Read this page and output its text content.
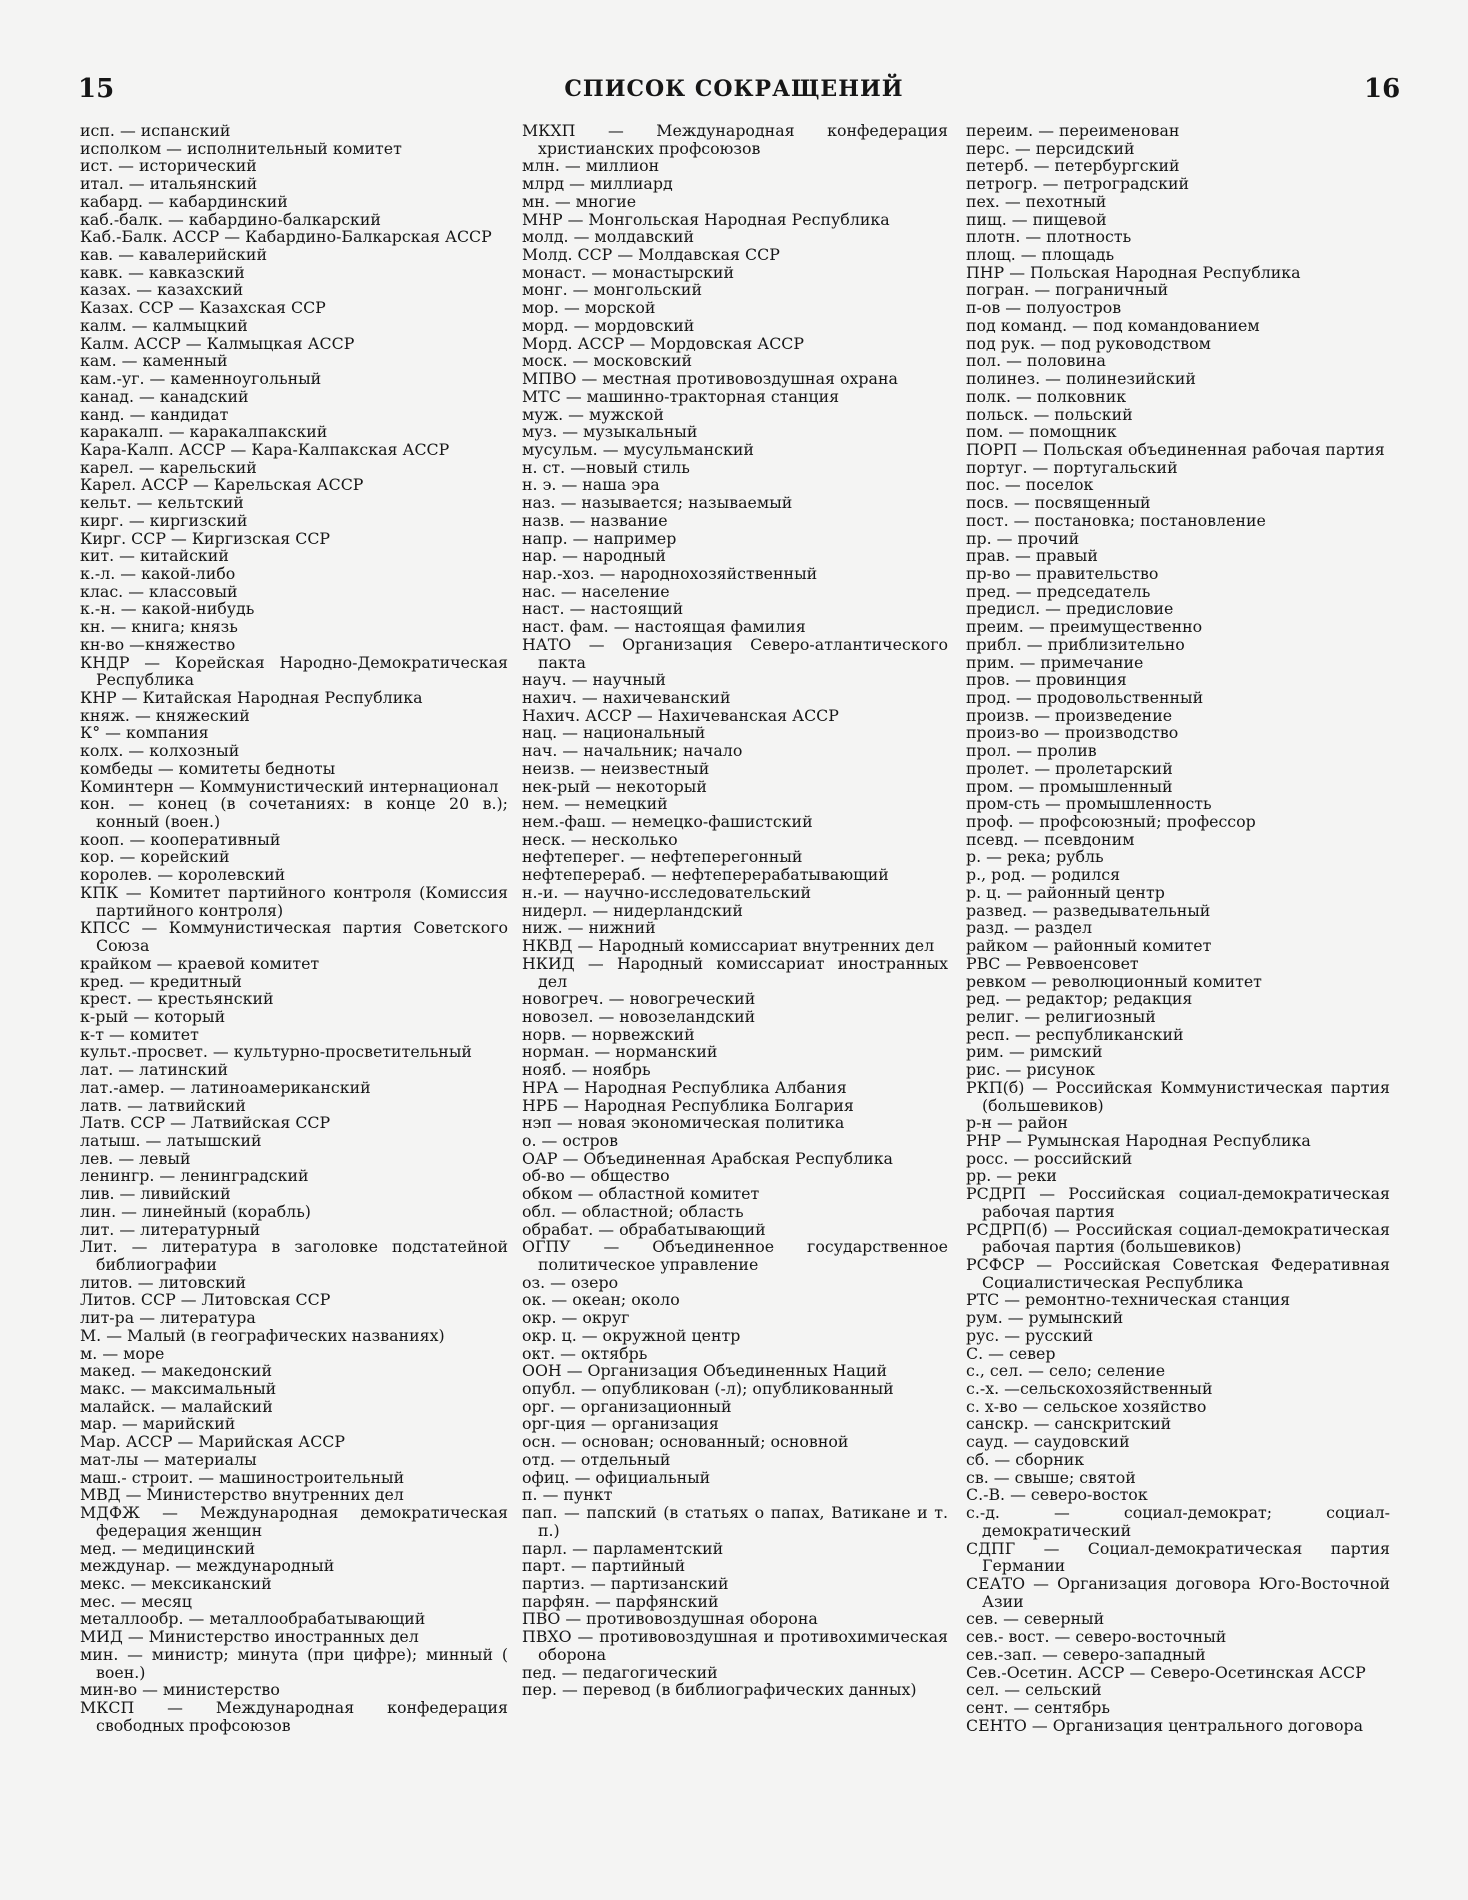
15	СПИСОК СОКРАЩЕНИЙ	16
исп. — испанский
исполком — исполнительный комитет
ист. — исторический
итал. — итальянский
кабард. — кабардинский
каб.-балк. — кабардино-балкарский
Каб.-Балк. АССР — Кабардино-Балкарская АССР
кав. — кавалерийский
кавк. — кавказский
казах. — казахский
Казах. ССР — Казахская ССР
калм. — калмыцкий
Калм. АССР — Калмыцкая АССР
кам. — каменный
кам.-уг. — каменноугольный
канад. — канадский
канд. — кандидат
каракалп. — каракалпакский
Кара-Калп. АССР — Кара-Калпакская АССР
карел. — карельский
Карел. АССР — Карельская АССР
кельт. — кельтский
кирг. — киргизский
Кирг. ССР — Киргизская ССР
кит. — китайский
к.-л. — какой-либо
клас. — классовый
к.-н. — какой-нибудь
кн. — книга; князь
кн-во —княжество
КНДР — Корейская Народно-Демократическая Республика
КНР — Китайская Народная Республика
княж. — княжеский
К° — компания
колх. — колхозный
комбеды — комитеты бедноты
Коминтерн — Коммунистический интернационал
кон. — конец (в сочетаниях: в конце 20 в.); конный (воен.)
кооп. — кооперативный
кор. — корейский
королев. — королевский
КПК — Комитет партийного контроля (Комиссия партийного контроля)
КПСС — Коммунистическая партия Советского Союза
крайком — краевой комитет
кред. — кредитный
крест. — крестьянский
к-рый — который
к-т — комитет
культ.-просвет. — культурно-просветительный
лат. — латинский
лат.-амер. — латиноамериканский
латв. — латвийский
Латв. ССР — Латвийская ССР
латыш. — латышский
лев. — левый
ленингр. — ленинградский
лив. — ливийский
лин. — линейный (корабль)
лит. — литературный
Лит. — литература в заголовке подстатейной библиографии
литов. — литовский
Литов. ССР — Литовская ССР
лит-ра — литература
М. — Малый (в географических названиях)
м. — море
макед. — македонский
макс. — максимальный
малайск. — малайский
мар. — марийский
Мар. АССР — Марийская АССР
мат-лы — материалы
маш.- строит. — машиностроительный
МВД — Министерство внутренних дел
МДФЖ — Международная демократическая федерация женщин
мед. — медицинский
междунар. — международный
мекс. — мексиканский
мес. — месяц
металлообр. — металлообрабатывающий
МИД — Министерство иностранных дел
мин. — министр; минута (при цифре); минный ( воен.)
мин-во — министерство
МКСП — Международная конфедерация свободных профсоюзов
МКХП — Международная конфедерация христианских профсоюзов
млн. — миллион
млрд — миллиард
мн. — многие
МНР — Монгольская Народная Республика
молд. — молдавский
Молд. ССР — Молдавская ССР
монаст. — монастырский
монг. — монгольский
мор. — морской
морд. — мордовский
Морд. АССР — Мордовская АССР
моск. — московский
МПВО — местная противовоздушная охрана
МТС — машинно-тракторная станция
муж. — мужской
муз. — музыкальный
мусульм. — мусульманский
н. ст. —новый стиль
н. э. — наша эра
наз. — называется; называемый
назв. — название
напр. — например
нар. — народный
нар.-хоз. — народнохозяйственный
нас. — население
наст. — настоящий
наст. фам. — настоящая фамилия
НАТО — Организация Северо-атлантического пакта
науч. — научный
нахич. — нахичеванский
Нахич. АССР — Нахичеванская АССР
нац. — национальный
нач. — начальник; начало
неизв. — неизвестный
нек-рый — некоторый
нем. — немецкий
нем.-фаш. — немецко-фашистский
неск. — несколько
нефтеперег. — нефтеперегонный
нефтеперераб. — нефтеперерабатывающий
н.-и. — научно-исследовательский
нидерл. — нидерландский
ниж. — нижний
НКВД — Народный комиссариат внутренних дел
НКИД — Народный комиссариат иностранных дел
новогреч. — новогреческий
новозел. — новозеландский
норв. — норвежский
норман. — норманский
нояб. — ноябрь
НРА — Народная Республика Албания
НРБ — Народная Республика Болгария
нэп — новая экономическая политика
о. — остров
ОАР — Объединенная Арабская Республика
об-во — общество
обком — областной комитет
обл. — областной; область
обрабат. — обрабатывающий
ОГПУ — Объединенное государственное политическое управление
оз. — озеро
ок. — океан; около
окр. — округ
окр. ц. — окружной центр
окт. — октябрь
ООН — Организация Объединенных Наций
опубл. — опубликован (-л); опубликованный
орг. — организационный
орг-ция — организация
осн. — основан; основанный; основной
отд. — отдельный
офиц. — официальный
п. — пункт
пап. — папский (в статьях о папах, Ватикане и т. п.)
парл. — парламентский
парт. — партийный
партиз. — партизанский
парфян. — парфянский
ПВО — противовоздушная оборона
ПВХО — противовоздушная и противохимическая оборона
пед. — педагогический
пер. — перевод (в библиографических данных)
переим. — переименован
перс. — персидский
петерб. — петербургский
петрогр. — петроградский
пех. — пехотный
пищ. — пищевой
плотн. — плотность
площ. — площадь
ПНР — Польская Народная Республика
погран. — пограничный
п-ов — полуостров
под команд. — под командованием
под рук. — под руководством
пол. — половина
полинез. — полинезийский
полк. — полковник
польск. — польский
пом. — помощник
ПОРП — Польская объединенная рабочая партия
португ. — португальский
пос. — поселок
посв. — посвященный
пост. — постановка; постановление
пр. — прочий
прав. — правый
пр-во — правительство
пред. — председатель
предисл. — предисловие
преим. — преимущественно
прибл. — приблизительно
прим. — примечание
пров. — провинция
прод. — продовольственный
произв. — произведение
произ-во — производство
прол. — пролив
пролет. — пролетарский
пром. — промышленный
пром-сть — промышленность
проф. — профсоюзный; профессор
псевд. — псевдоним
р. — река; рубль
р., род. — родился
р. ц. — районный центр
развед. — разведывательный
разд. — раздел
райком — районный комитет
РВС — Реввоенсовет
ревком — революционный комитет
ред. — редактор; редакция
религ. — религиозный
респ. — республиканский
рим. — римский
рис. — рисунок
РКП(б) — Российская Коммунистическая партия (большевиков)
р-н — район
РНР — Румынская Народная Республика
росс. — российский
рр. — реки
РСДРП — Российская социал-демократическая рабочая партия
РСДРП(б) — Российская социал-демократическая рабочая партия (большевиков)
РСФСР — Российская Советская Федеративная Социалистическая Республика
РТС — ремонтно-техническая станция
рум. — румынский
рус. — русский
С. — север
с., сел. — село; селение
с.-х. —сельскохозяйственный
с. х-во — сельское хозяйство
санскр. — санскритский
сауд. — саудовский
сб. — сборник
св. — свыше; святой
С.-В. — северо-восток
с.-д. — социал-демократ; социал-демократический
СДПГ — Социал-демократическая партия Германии
СЕАТО — Организация договора Юго-Восточной Азии
сев. — северный
сев.- вост. — северо-восточный
сев.-зап. — северо-западный
Сев.-Осетин. АССР — Северо-Осетинская АССР
сел. — сельский
сент. — сентябрь
СЕНТО — Организация центрального договора
